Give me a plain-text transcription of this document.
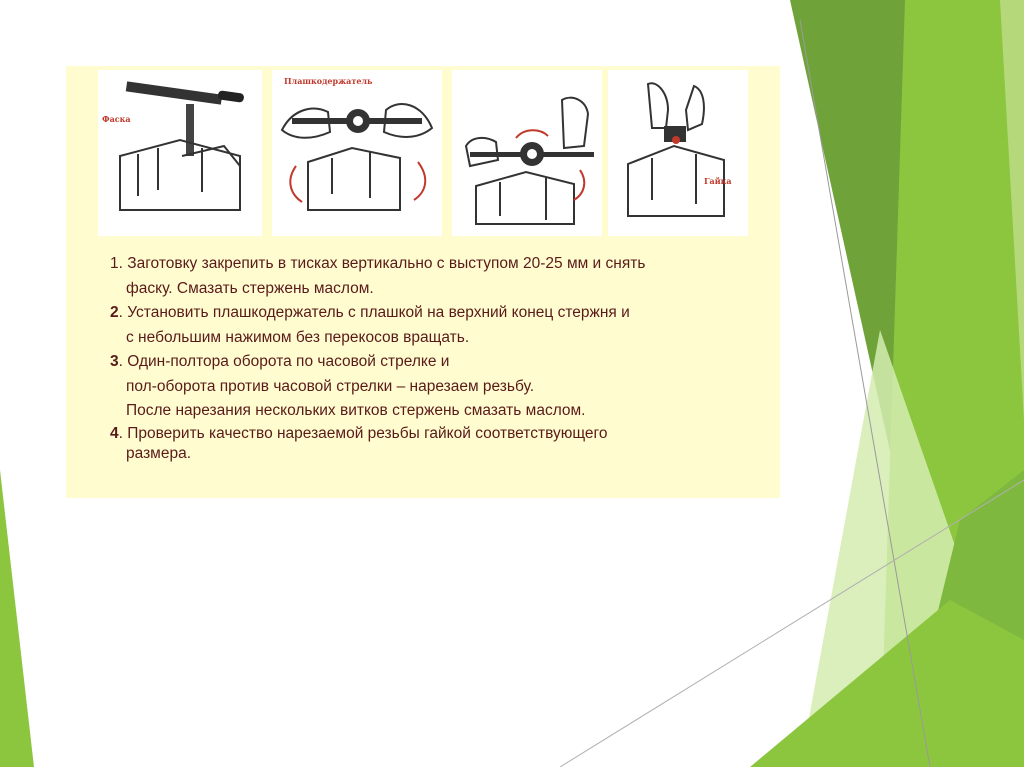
Фаска
Плашкодержатель
Гайка
1. Заготовку закрепить в тисках вертикально с выступом 20-25 мм и снять
фаску. Смазать стержень маслом.
2. Установить плашкодержатель с плашкой на верхний конец стержня и
с небольшим нажимом без перекосов вращать.
3. Один-полтора оборота по часовой стрелке и
пол-оборота против часовой стрелки – нарезаем резьбу.
После нарезания нескольких витков стержень смазать маслом.
4. Проверить качество нарезаемой резьбы гайкой соответствующего
размера.
